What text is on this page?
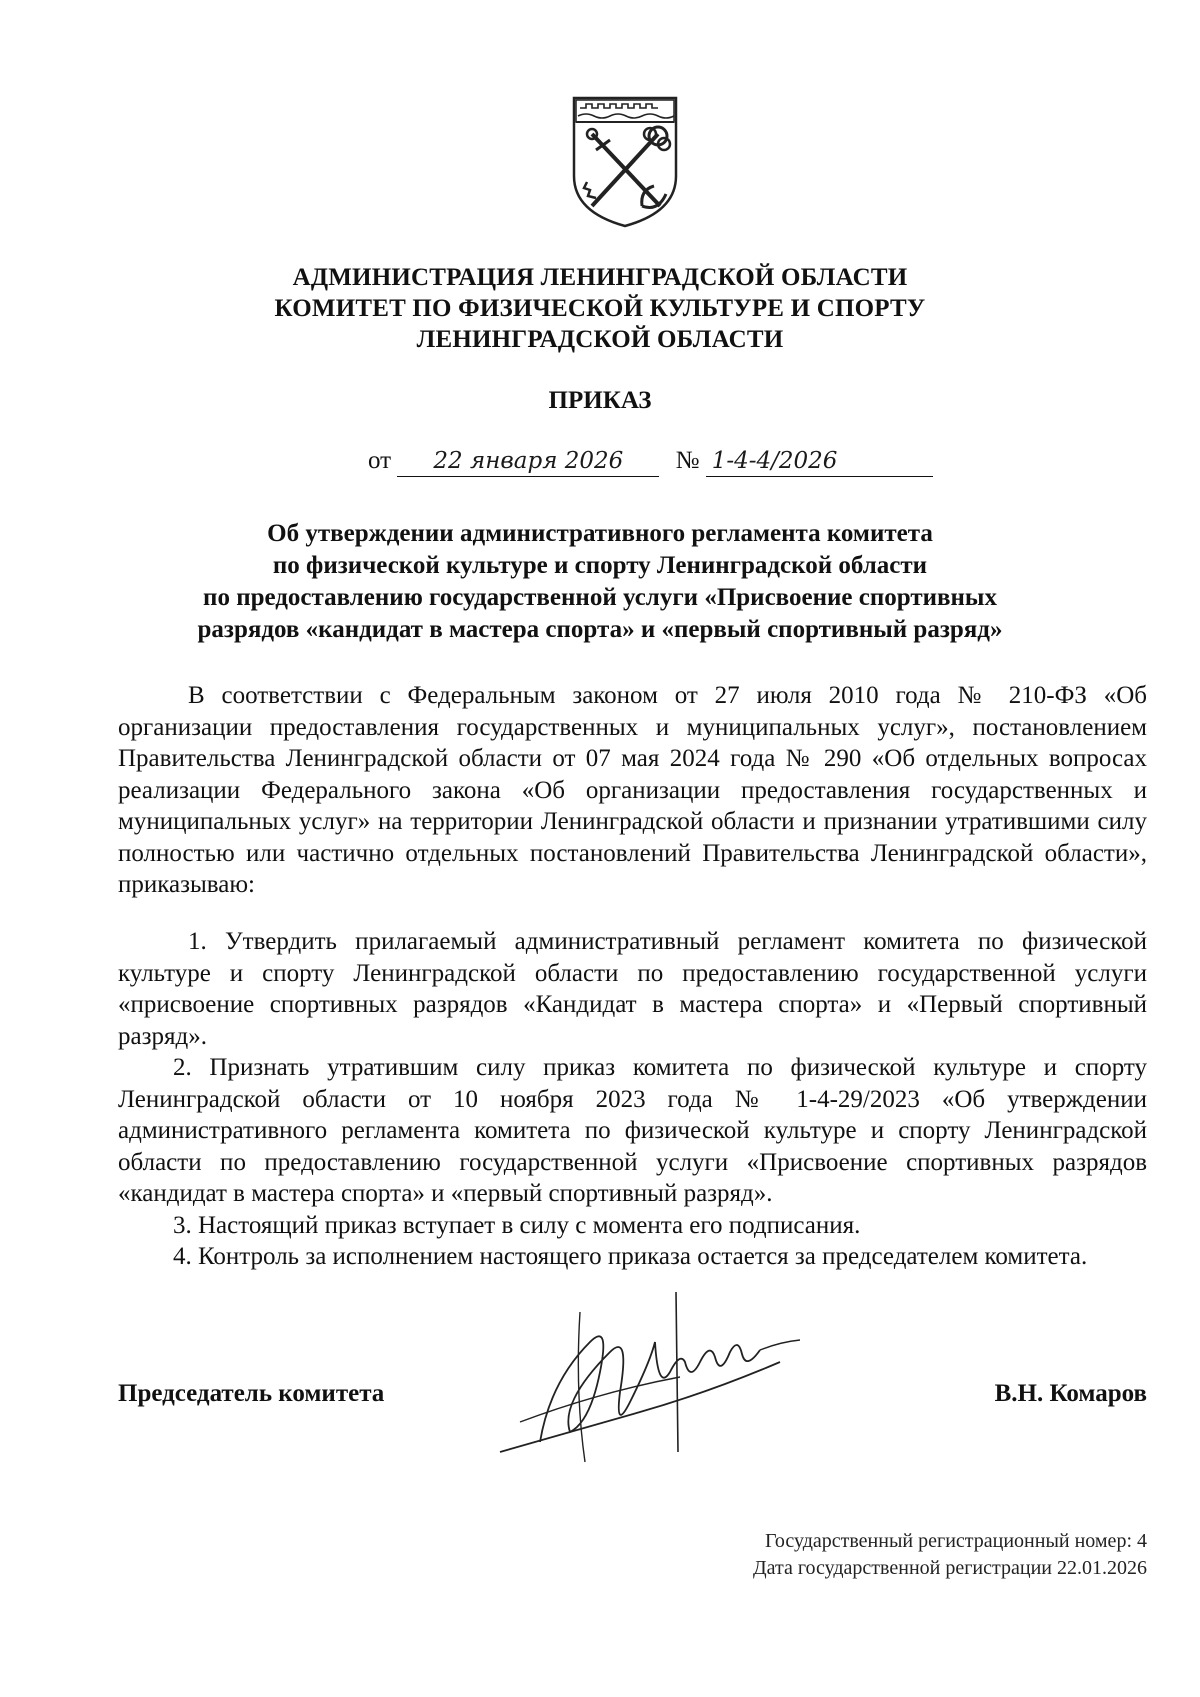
АДМИНИСТРАЦИЯ ЛЕНИНГРАДСКОЙ ОБЛАСТИ
КОМИТЕТ ПО ФИЗИЧЕСКОЙ КУЛЬТУРЕ И СПОРТУ
ЛЕНИНГРАДСКОЙ ОБЛАСТИ
ПРИКАЗ
от 22 января 2026 № 1-4-4/2026
Об утверждении административного регламента комитета
по физической культуре и спорту Ленинградской области
по предоставлению государственной услуги «Присвоение спортивных
разрядов «кандидат в мастера спорта» и «первый спортивный разряд»

В соответствии с Федеральным законом от 27 июля 2010 года № 210-ФЗ «Об организации предоставления государственных и муниципальных услуг», постановлением Правительства Ленинградской области от 07 мая 2024 года № 290 «Об отдельных вопросах реализации Федерального закона «Об организации предоставления государственных и муниципальных услуг» на территории Ленинградской области и признании утратившими силу полностью или частично отдельных постановлений Правительства Ленинградской области», приказываю:

1. Утвердить прилагаемый административный регламент комитета по физической культуре и спорту Ленинградской области по предоставлению государственной услуги «присвоение спортивных разрядов «Кандидат в мастера спорта» и «Первый спортивный разряд».

2. Признать утратившим силу приказ комитета по физической культуре и спорту Ленинградской области от 10 ноября 2023 года № 1-4-29/2023 «Об утверждении административного регламента комитета по физической культуре и спорту Ленинградской области по предоставлению государственной услуги «Присвоение спортивных разрядов «кандидат в мастера спорта» и «первый спортивный разряд».

3. Настоящий приказ вступает в силу с момента его подписания.

4. Контроль за исполнением настоящего приказа остается за председателем комитета.

Председатель комитета	В.Н. Комаров
Государственный регистрационный номер: 4
Дата государственной регистрации 22.01.2026
